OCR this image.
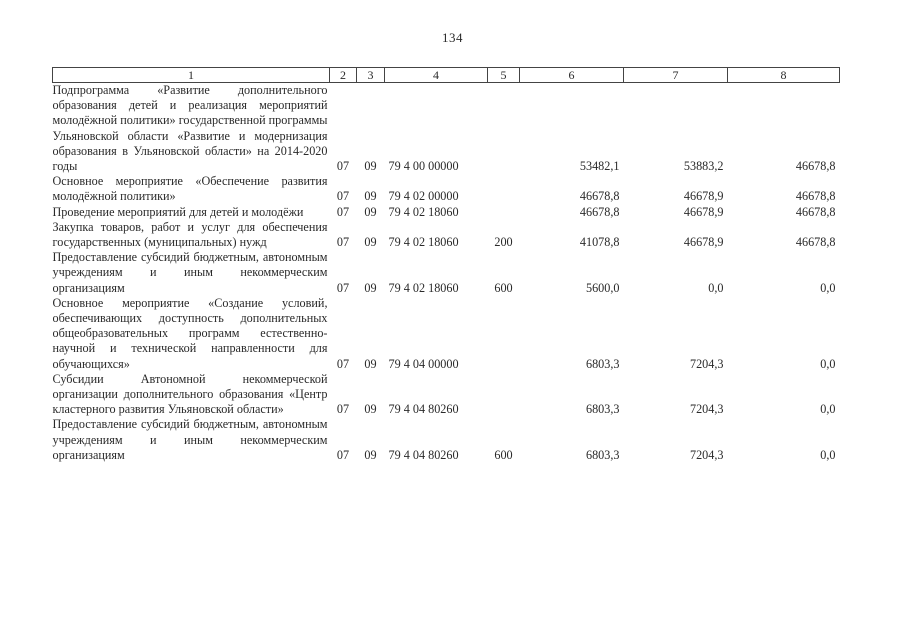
134
1	2	3	4	5	6	7	8
Подпрограмма «Развитие дополнительного образования детей и реализация мероприятий молодёжной политики» государственной программы Ульяновской области «Развитие и модернизация образования в Ульяновской области» на 2014-2020 годы	07	09	79 4 00 00000		53482,1	53883,2	46678,8
Основное мероприятие «Обеспечение развития молодёжной политики»	07	09	79 4 02 00000		46678,8	46678,9	46678,8
Проведение мероприятий для детей и молодёжи	07	09	79 4 02 18060		46678,8	46678,9	46678,8
Закупка товаров, работ и услуг для обеспечения государственных (муниципальных) нужд	07	09	79 4 02 18060	200	41078,8	46678,9	46678,8
Предоставление субсидий бюджетным, автономным учреждениям и иным некоммерческим организациям	07	09	79 4 02 18060	600	5600,0	0,0	0,0
Основное мероприятие «Создание условий, обеспечивающих доступность дополнительных общеобразовательных программ естественно-научной и технической направленности для обучающихся»	07	09	79 4 04 00000		6803,3	7204,3	0,0
Субсидии Автономной некоммерческой организации дополнительного образования «Центр кластерного развития Ульяновской области»	07	09	79 4 04 80260		6803,3	7204,3	0,0
Предоставление субсидий бюджетным, автономным учреждениям и иным некоммерческим организациям	07	09	79 4 04 80260	600	6803,3	7204,3	0,0
